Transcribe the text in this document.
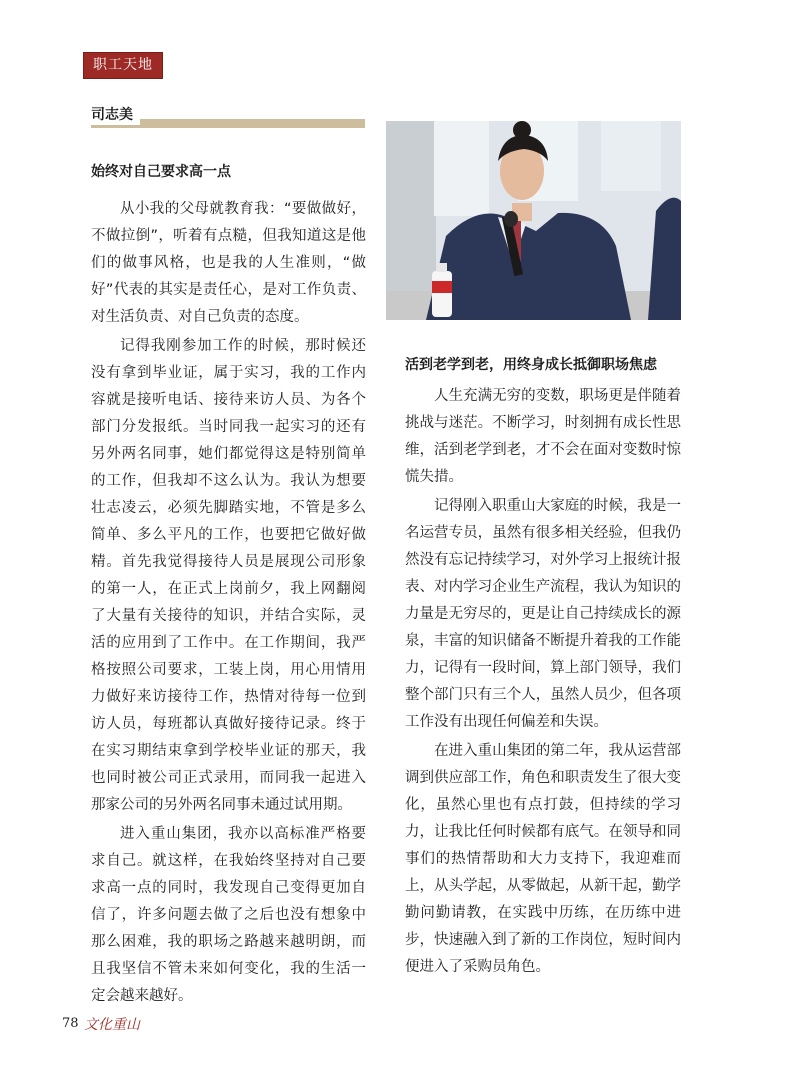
职工天地
司志美
始终对自己要求高一点

从小我的父母就教育我：“要做做好，不做拉倒”，听着有点糙，但我知道这是他们的做事风格，也是我的人生准则，“做好”代表的其实是责任心，是对工作负责、对生活负责、对自己负责的态度。

记得我刚参加工作的时候，那时候还没有拿到毕业证，属于实习，我的工作内容就是接听电话、接待来访人员、为各个部门分发报纸。当时同我一起实习的还有另外两名同事，她们都觉得这是特别简单的工作，但我却不这么认为。我认为想要壮志凌云，必须先脚踏实地，不管是多么简单、多么平凡的工作，也要把它做好做精。首先我觉得接待人员是展现公司形象的第一人，在正式上岗前夕，我上网翻阅了大量有关接待的知识，并结合实际，灵活的应用到了工作中。在工作期间，我严格按照公司要求，工装上岗，用心用情用力做好来访接待工作，热情对待每一位到访人员，每班都认真做好接待记录。终于在实习期结束拿到学校毕业证的那天，我也同时被公司正式录用，而同我一起进入那家公司的另外两名同事未通过试用期。

进入重山集团，我亦以高标准严格要求自己。就这样，在我始终坚持对自己要求高一点的同时，我发现自己变得更加自信了，许多问题去做了之后也没有想象中那么困难，我的职场之路越来越明朗，而且我坚信不管未来如何变化，我的生活一定会越来越好。

活到老学到老，用终身成长抵御职场焦虑

人生充满无穷的变数，职场更是伴随着挑战与迷茫。不断学习，时刻拥有成长性思维，活到老学到老，才不会在面对变数时惊慌失措。

记得刚入职重山大家庭的时候，我是一名运营专员，虽然有很多相关经验，但我仍然没有忘记持续学习，对外学习上报统计报表、对内学习企业生产流程，我认为知识的力量是无穷尽的，更是让自己持续成长的源泉，丰富的知识储备不断提升着我的工作能力，记得有一段时间，算上部门领导，我们整个部门只有三个人，虽然人员少，但各项工作没有出现任何偏差和失误。

在进入重山集团的第二年，我从运营部调到供应部工作，角色和职责发生了很大变化，虽然心里也有点打鼓，但持续的学习力，让我比任何时候都有底气。在领导和同事们的热情帮助和大力支持下，我迎难而上，从头学起，从零做起，从新干起，勤学勤问勤请教，在实践中历练，在历练中进步，快速融入到了新的工作岗位，短时间内便进入了采购员角色。

78 文化重山
